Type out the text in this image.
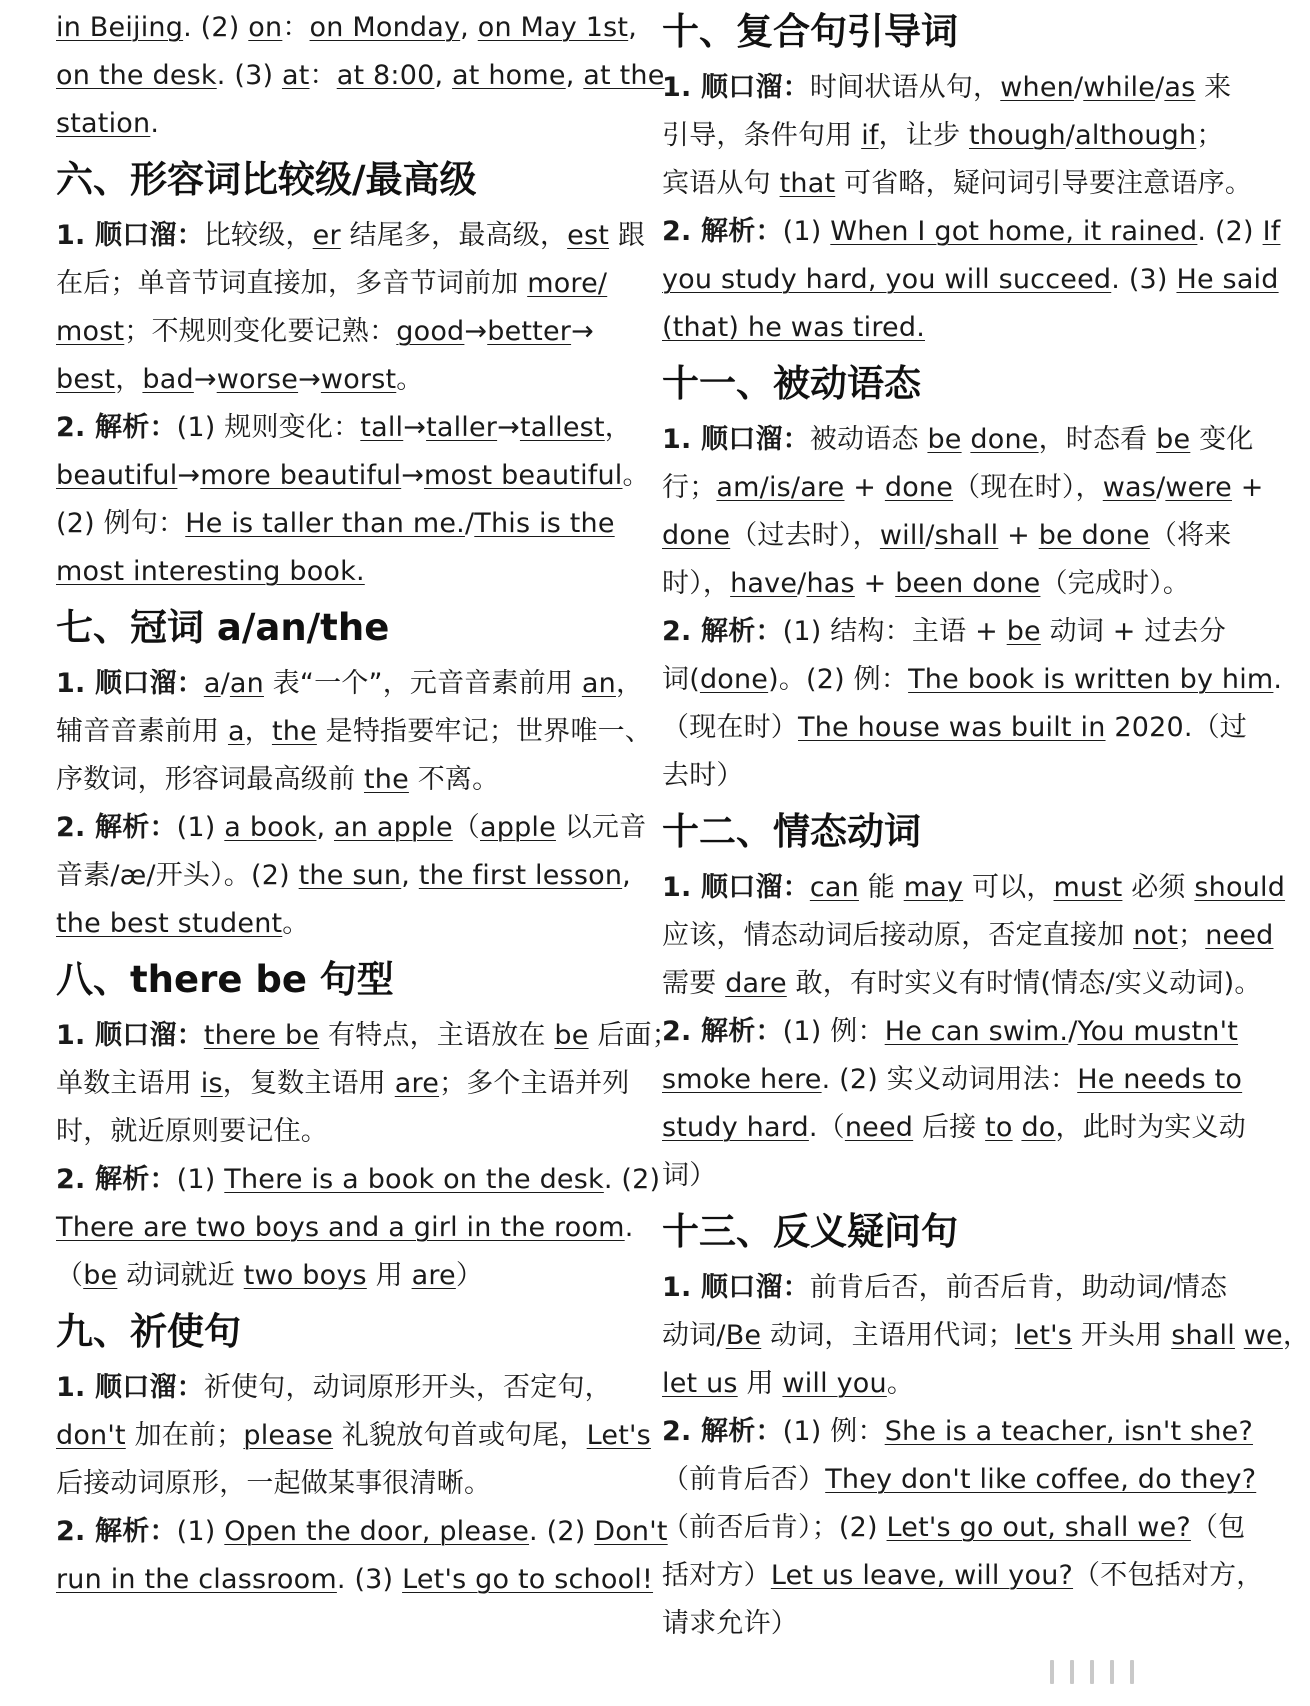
in Beijing. (2) on：on Monday, on May 1st,
on the desk. (3) at：at 8:00, at home, at the
station.
六、形容词比较级/最高级
1. 顺口溜：比较级，er 结尾多，最高级，est 跟
在后；单音节词直接加，多音节词前加 more/
most；不规则变化要记熟：good→better→
best，bad→worse→worst。
2. 解析：(1) 规则变化：tall→taller→tallest，
beautiful→more beautiful→most beautiful。
(2) 例句：He is taller than me./This is the
most interesting book.
七、冠词 a/an/the
1. 顺口溜：a/an 表“一个”，元音音素前用 an，
辅音音素前用 a，the 是特指要牢记；世界唯一、
序数词，形容词最高级前 the 不离。
2. 解析：(1) a book, an apple（apple 以元音
音素/æ/开头）。(2) the sun, the first lesson,
the best student。
八、there be 句型
1. 顺口溜：there be 有特点，主语放在 be 后面；
单数主语用 is，复数主语用 are；多个主语并列
时，就近原则要记住。
2. 解析：(1) There is a book on the desk. (2)
There are two boys and a girl in the room.
（be 动词就近 two boys 用 are）
九、祈使句
1. 顺口溜：祈使句，动词原形开头，否定句，
don't 加在前；please 礼貌放句首或句尾，Let's
后接动词原形，一起做某事很清晰。
2. 解析：(1) Open the door, please. (2) Don't
run in the classroom. (3) Let's go to school!
十、复合句引导词
1. 顺口溜：时间状语从句，when/while/as 来
引导，条件句用 if，让步 though/although；
宾语从句 that 可省略，疑问词引导要注意语序。
2. 解析：(1) When I got home, it rained. (2) If
you study hard, you will succeed. (3) He said
(that) he was tired.
十一、被动语态
1. 顺口溜：被动语态 be done，时态看 be 变化
行；am/is/are + done（现在时），was/were +
done（过去时），will/shall + be done（将来
时），have/has + been done（完成时）。
2. 解析：(1) 结构：主语 + be 动词 + 过去分
词(done)。(2) 例：The book is written by him.
（现在时）The house was built in 2020.（过
去时）
十二、情态动词
1. 顺口溜：can 能 may 可以，must 必须 should
应该，情态动词后接动原，否定直接加 not；need
需要 dare 敢，有时实义有时情(情态/实义动词)。
2. 解析：(1) 例：He can swim./You mustn't
smoke here. (2) 实义动词用法：He needs to
study hard.（need 后接 to do，此时为实义动
词）
十三、反义疑问句
1. 顺口溜：前肯后否，前否后肯，助动词/情态
动词/Be 动词，主语用代词；let's 开头用 shall we，
let us 用 will you。
2. 解析：(1) 例：She is a teacher, isn't she?
（前肯后否）They don't like coffee, do they?
（前否后肯）；(2) Let's go out, shall we?（包
括对方）Let us leave, will you?（不包括对方，
请求允许）
